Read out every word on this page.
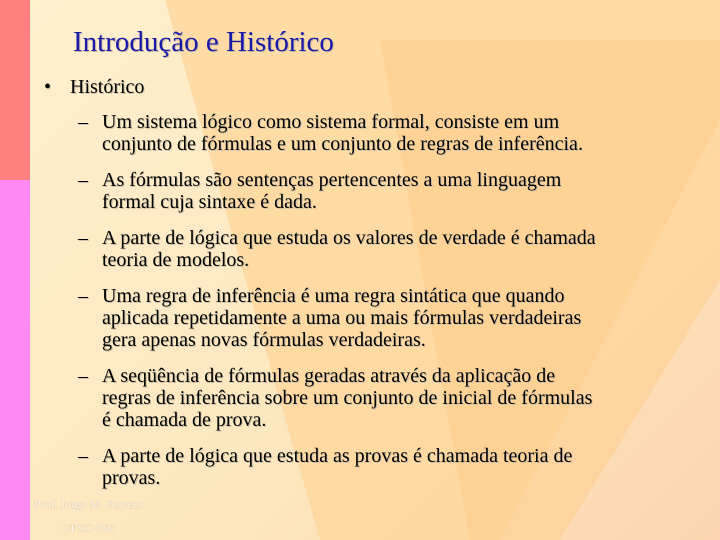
Introdução e Histórico
• Histórico
– Um sistema lógico como sistema formal, consiste em um
conjunto de fórmulas e um conjunto de regras de inferência.
– As fórmulas são sentenças pertencentes a uma linguagem
formal cuja sintaxe é dada.
– A parte de lógica que estuda os valores de verdade é chamada
teoria de modelos.
– Uma regra de inferência é uma regra sintática que quando
aplicada repetidamente a uma ou mais fórmulas verdadeiras
gera apenas novas fórmulas verdadeiras.
– A seqüência de fórmulas geradas através da aplicação de
regras de inferência sobre um conjunto de inicial de fórmulas
é chamada de prova.
– A parte de lógica que estuda as provas é chamada teoria de
provas.
Prof. Jorge M. Barreto
UFSC-INE
